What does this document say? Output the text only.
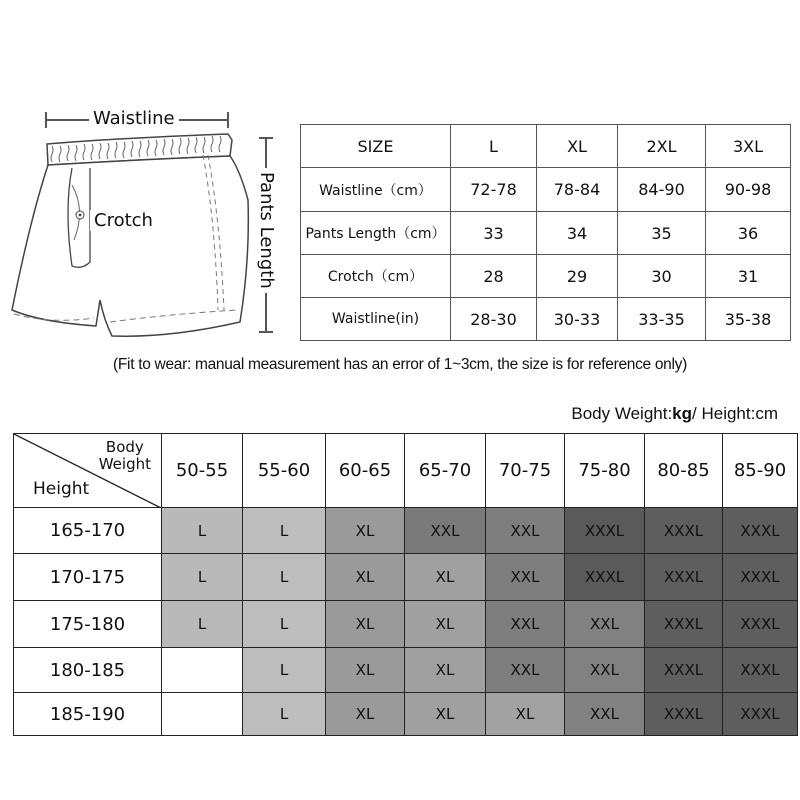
Waistline
Crotch	Pants Length
SIZE	L	XL	2XL	3XL
Waistline（cm）	72-78	78-84	84-90	90-98
Pants Length（cm）	33	34	35	36
Crotch（cm）	28	29	30	31
Waistline(in)	28-30	30-33	33-35	35-38
(Fit to wear: manual measurement has an error of 1~3cm, the size is for reference only)
Body Weight:kg/ Height:cm
Body
Weight
Height	50-55	55-60	60-65	65-70	70-75	75-80	80-85	85-90
165-170	L	L	XL	XXL	XXL	XXXL	XXXL	XXXL
170-175	L	L	XL	XL	XXL	XXXL	XXXL	XXXL
175-180	L	L	XL	XL	XXL	XXL	XXXL	XXXL
180-185		L	XL	XL	XXL	XXL	XXXL	XXXL
185-190		L	XL	XL	XL	XXL	XXXL	XXXL
